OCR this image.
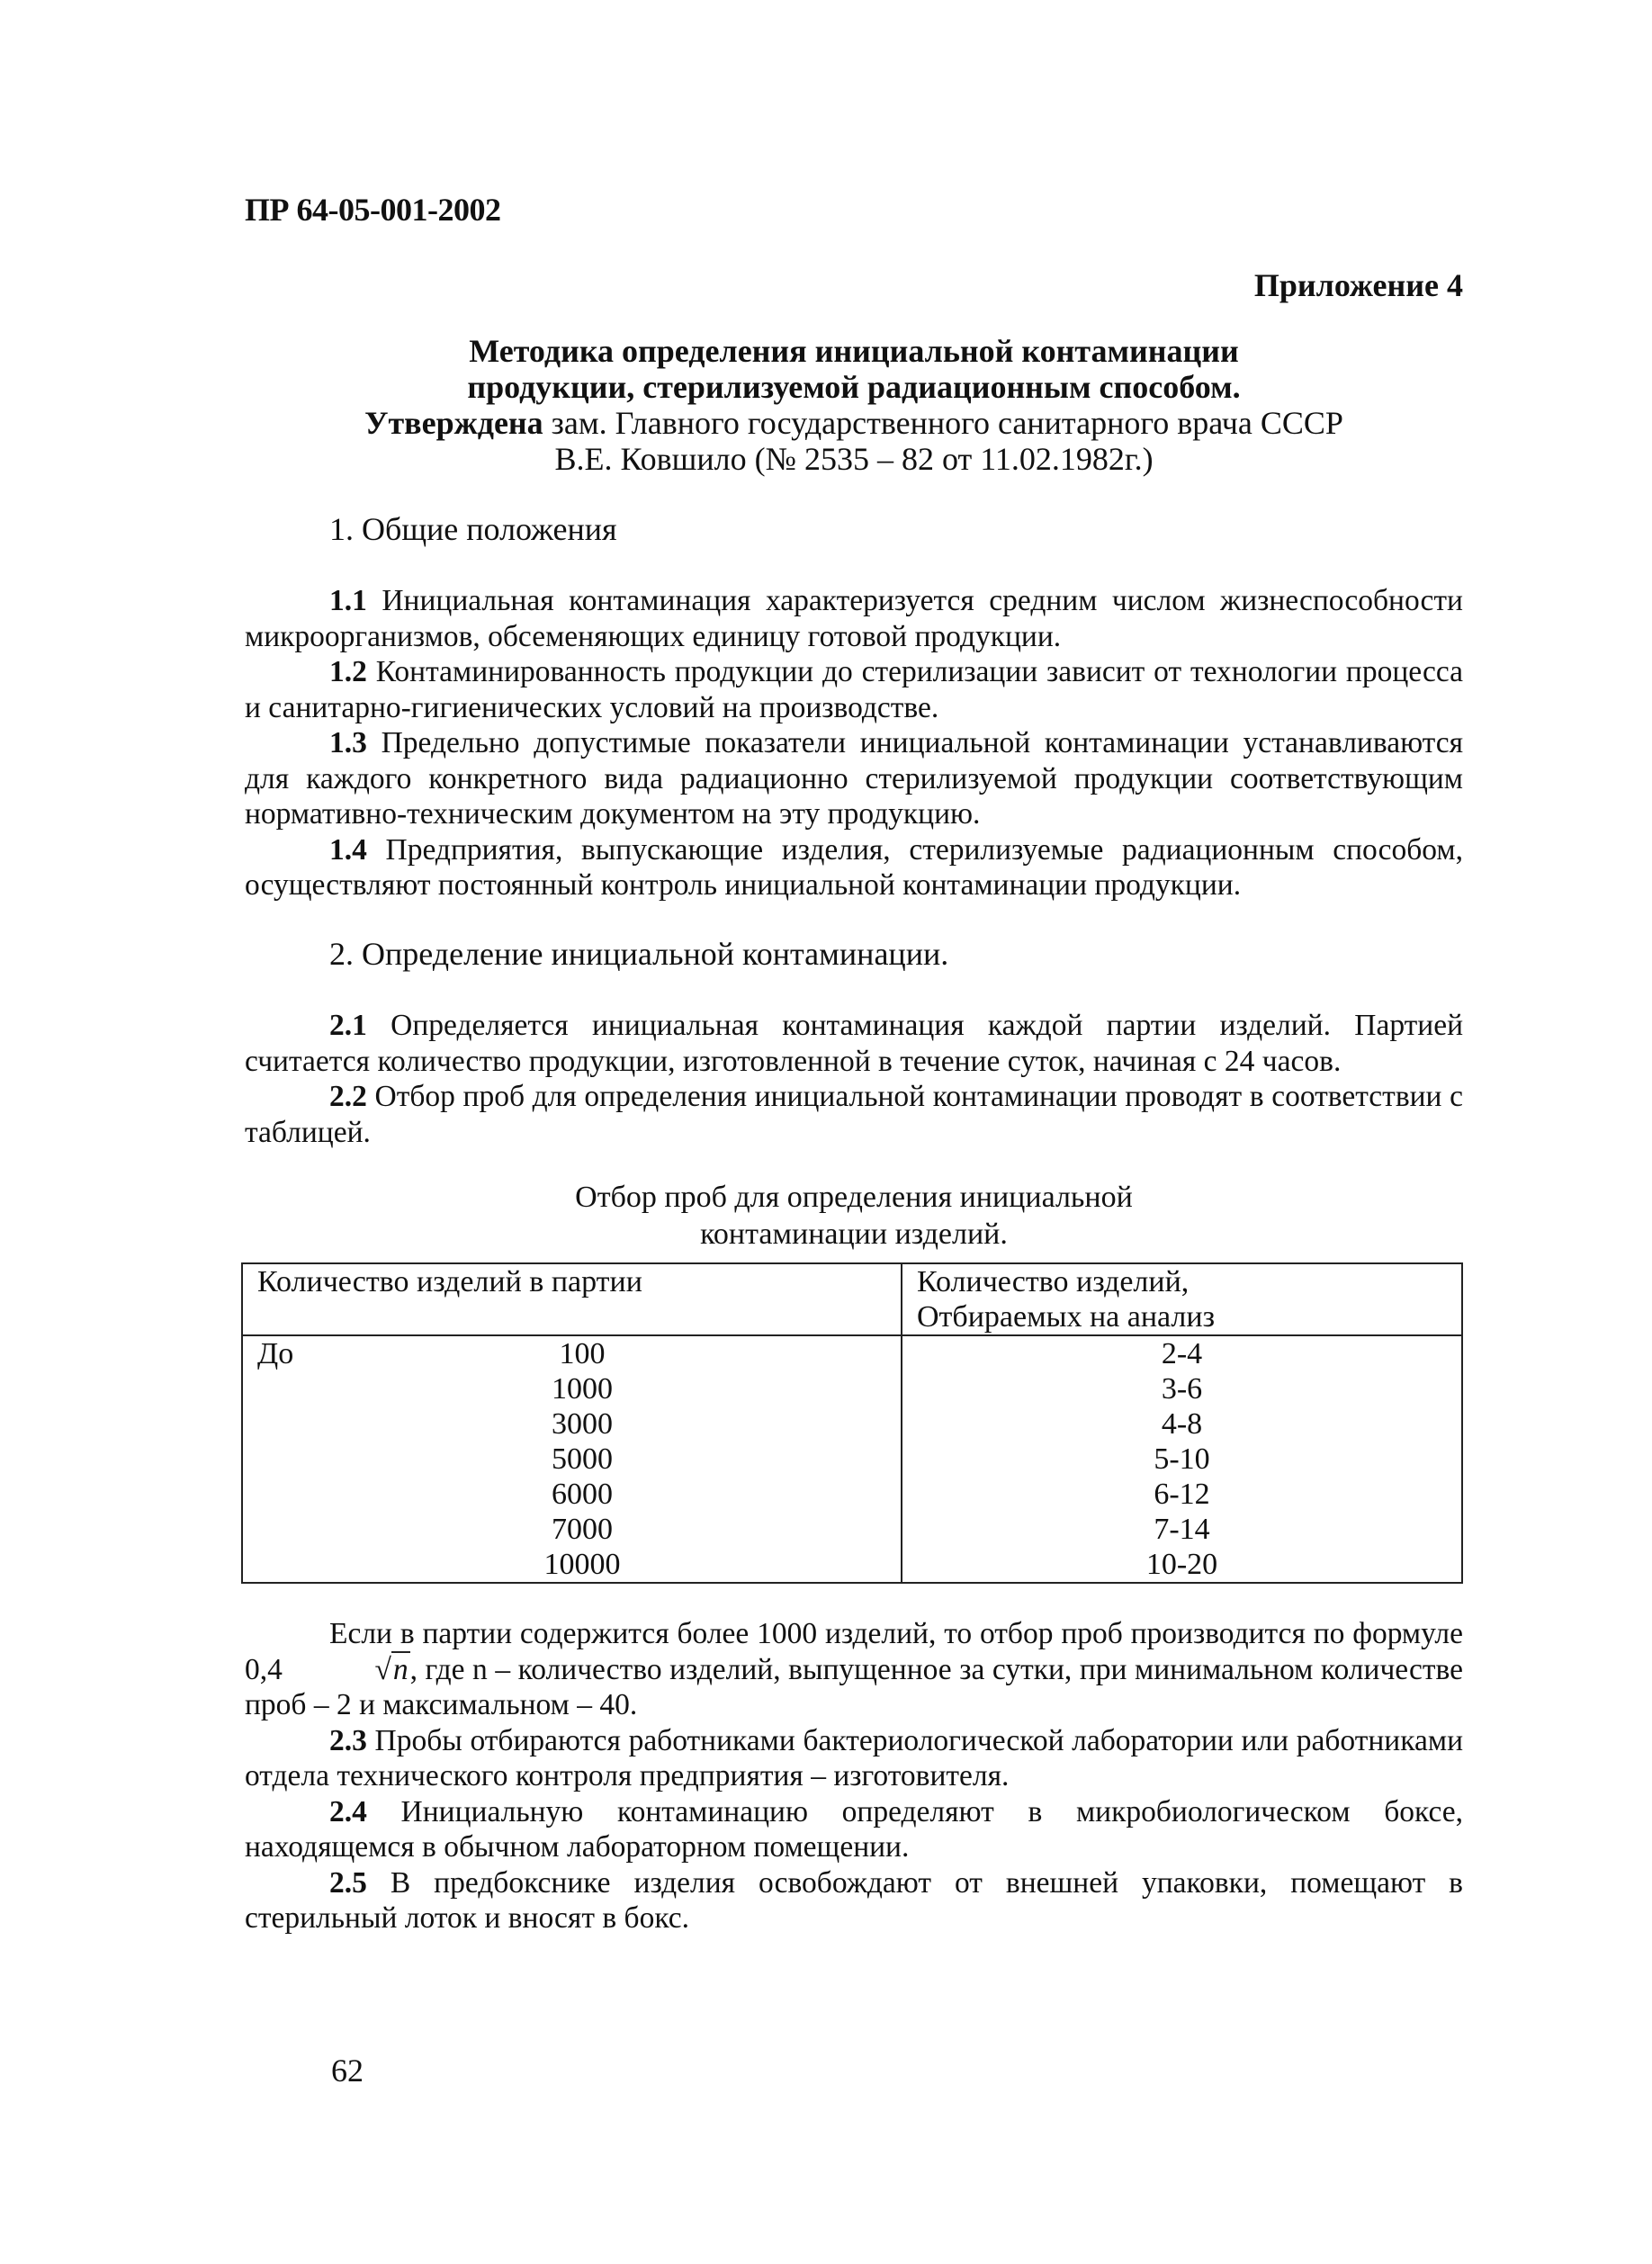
ПР 64-05-001-2002
Приложение 4
Методика определения инициальной контаминации
продукции, стерилизуемой радиационным способом.
Утверждена зам. Главного государственного санитарного врача СССР
В.Е. Ковшило (№ 2535 – 82 от 11.02.1982г.)
1. Общие положения

1.1 Инициальная контаминация характеризуется средним числом жизнеспособности микроорганизмов, обсеменяющих единицу готовой продукции.

1.2 Контаминированность продукции до стерилизации зависит от технологии процесса и санитарно-гигиенических условий на производстве.

1.3 Предельно допустимые показатели инициальной контаминации устанавливаются для каждого конкретного вида радиационно стерилизуемой продукции соответствующим нормативно-техническим документом на эту продукцию.

1.4 Предприятия, выпускающие изделия, стерилизуемые радиационным способом, осуществляют постоянный контроль инициальной контаминации продукции.

2. Определение инициальной контаминации.

2.1 Определяется инициальная контаминация каждой партии изделий. Партией считается количество продукции, изготовленной в течение суток, начиная с 24 часов.

2.2 Отбор проб для определения инициальной контаминации проводят в соответствии с таблицей.

Отбор проб для определения инициальной
контаминации изделий.
Количество изделий в партии	Количество изделий,
Отбираемых на анализ

До 100	2-4

1000	3-6

3000	4-8

5000	5-10

6000	6-12

7000	7-14

10000	10-20

Если в партии содержится более 1000 изделий, то отбор проб производится по формуле 0,4	√n, где n – количество изделий, выпущенное за сутки, при минимальном количестве проб – 2 и максимальном – 40.

2.3 Пробы отбираются работниками бактериологической лаборатории или работниками отдела технического контроля предприятия – изготовителя.

2.4 Инициальную контаминацию определяют в микробиологическом боксе, находящемся в обычном лабораторном помещении.

2.5 В предбокснике изделия освобождают от внешней упаковки, помещают в стерильный лоток и вносят в бокс.

62
